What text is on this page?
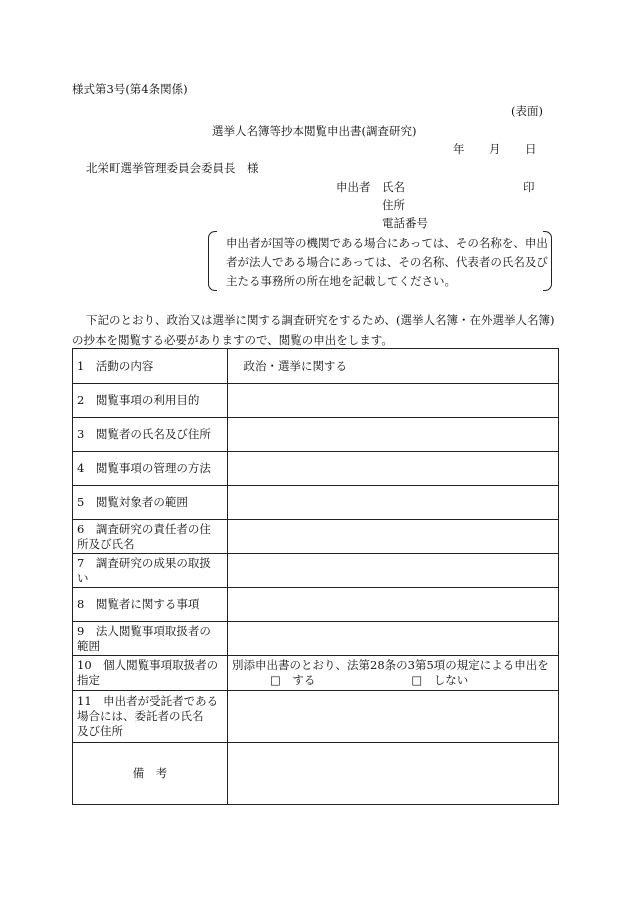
様式第3号(第4条関係)
(表面)
選挙人名簿等抄本閲覧申出書(調査研究)
年 月 日
北栄町選挙管理委員会委員長　様
申出者 氏名	印
住所
電話番号
申出者が国等の機関である場合にあっては、その名称を、申出者が法人である場合にあっては、その名称、代表者の氏名及び主たる事務所の所在地を記載してください。
下記のとおり、政治又は選挙に関する調査研究をするため、(選挙人名簿・在外選挙人名簿)の抄本を閲覧する必要がありますので、閲覧の申出をします。
1　活動の内容	　政治・選挙に関する

2　閲覧事項の利用目的	

3　閲覧者の氏名及び住所	

4　閲覧事項の管理の方法	

5　閲覧対象者の範囲	

6　調査研究の責任者の住
所及び氏名	

7　調査研究の成果の取扱
い	

8　閲覧者に関する事項	

9　法人閲覧事項取扱者の
範囲	

10　個人閲覧事項取扱者の
指定	別添申出書のとおり、法第28条の3第5項の規定による申出を
□　する □　しない

11　申出者が受託者である
場合には、委託者の氏名
及び住所	

備　考	
